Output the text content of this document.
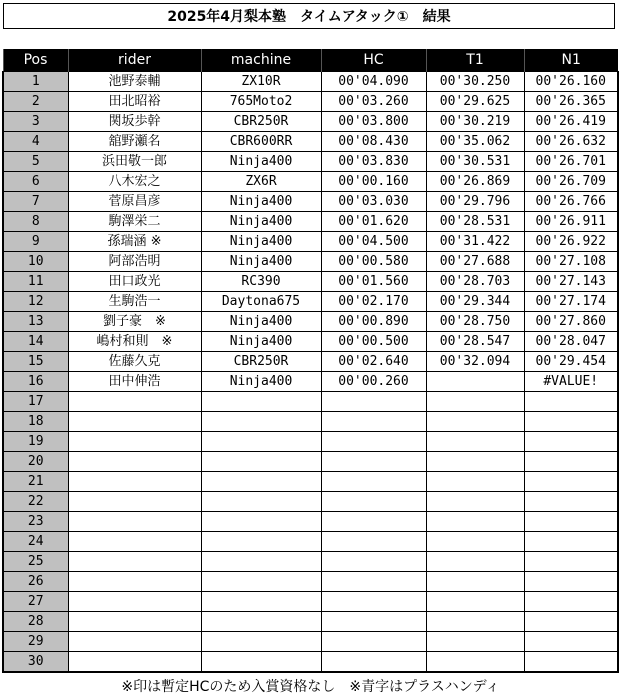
2025年4月梨本塾　タイムアタック①　結果
Pos	rider	machine	HC	T1	N1
1	池野泰輔	ZX10R	00'04.090	00'30.250	00'26.160
2	田北昭裕	765Moto2	00'03.260	00'29.625	00'26.365
3	関坂歩幹	CBR250R	00'03.800	00'30.219	00'26.419
4	舘野瀬名	CBR600RR	00'08.430	00'35.062	00'26.632
5	浜田敬一郎	Ninja400	00'03.830	00'30.531	00'26.701
6	八木宏之	ZX6R	00'00.160	00'26.869	00'26.709
7	菅原昌彦	Ninja400	00'03.030	00'29.796	00'26.766
8	駒澤栄二	Ninja400	00'01.620	00'28.531	00'26.911
9	孫瑞涵 ※	Ninja400	00'04.500	00'31.422	00'26.922
10	阿部浩明	Ninja400	00'00.580	00'27.688	00'27.108
11	田口政光	RC390	00'01.560	00'28.703	00'27.143
12	生駒浩一	Daytona675	00'02.170	00'29.344	00'27.174
13	劉子豪　※	Ninja400	00'00.890	00'28.750	00'27.860
14	嶋村和則　※	Ninja400	00'00.500	00'28.547	00'28.047
15	佐藤久克	CBR250R	00'02.640	00'32.094	00'29.454
16	田中伸浩	Ninja400	00'00.260		#VALUE!
17					
18					
19					
20					
21					
22					
23					
24					
25					
26					
27					
28					
29					
30					
※印は暫定HCのため入賞資格なし　※青字はプラスハンディ
